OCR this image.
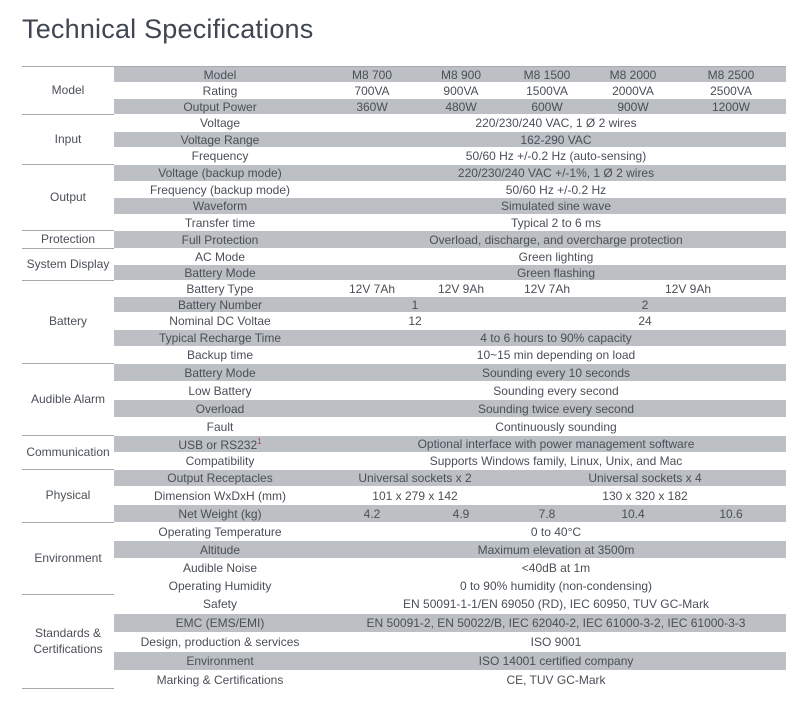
Technical Specifications
Model	Model	M8 700	M8 900	M8 1500	M8 2000	M8 2500
	Rating	700VA	900VA	1500VA	2000VA	2500VA
	Output Power	360W	480W	600W	900W	1200W
Input	Voltage	220/230/240 VAC, 1 Ø 2 wires				
	Voltage Range	162-290 VAC				
	Frequency	50/60 Hz +/-0.2 Hz (auto-sensing)				
Output	Voltage (backup mode)	220/230/240 VAC +/-1%, 1 Ø 2 wires				
	Frequency (backup mode)	50/60 Hz +/-0.2 Hz				
	Waveform	Simulated sine wave				
	Transfer time	Typical 2 to 6 ms				
Protection	Full Protection	Overload, discharge, and overcharge protection				
System Display	AC Mode	Green lighting				
	Battery Mode	Green flashing				
Battery	Battery Type	12V 7Ah	12V 9Ah	12V 7Ah	12V 9Ah	
	Battery Number	1		2		
	Nominal DC Voltae	12		24		
	Typical Recharge Time	4 to 6 hours to 90% capacity				
	Backup time	10~15 min depending on load				
Audible Alarm	Battery Mode	Sounding every 10 seconds				
	Low Battery	Sounding every second				
	Overload	Sounding twice every second				
	Fault	Continuously sounding				
Communication	USB or RS232$^1$	Optional interface with power management software				
	Compatibility	Supports Windows family, Linux, Unix, and Mac				
Physical	Output Receptacles	Universal sockets x 2		Universal sockets x 4		
	Dimension WxDxH (mm)	101 x 279 x 142		130 x 320 x 182		
	Net Weight (kg)	4.2	4.9	7.8	10.4	10.6
Environment	Operating Temperature	0 to 40°C				
	Altitude	Maximum elevation at 3500m				
	Audible Noise	<40dB at 1m				
	Operating Humidity	0 to 90% humidity (non-condensing)				
Standards & Certifications	Safety	EN 50091-1-1/EN 69050 (RD), IEC 60950, TUV GC-Mark				
	EMC (EMS/EMI)	EN 50091-2, EN 50022/B, IEC 62040-2, IEC 61000-3-2, IEC 61000-3-3				
	Design, production & services	ISO 9001				
	Environment	ISO 14001 certified company				
	Marking & Certifications	CE, TUV GC-Mark				
